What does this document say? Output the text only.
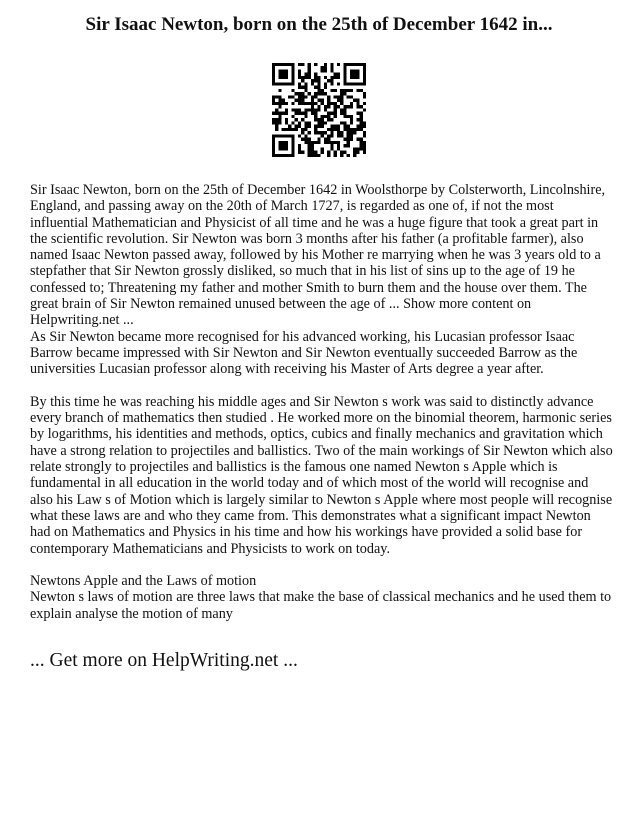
Sir Isaac Newton, born on the 25th of December 1642 in...

Sir Isaac Newton, born on the 25th of December 1642 in Woolsthorpe by Colsterworth, Lincolnshire, England, and passing away on the 20th of March 1727, is regarded as one of, if not the most influential Mathematician and Physicist of all time and he was a huge figure that took a great part in the scientific revolution. Sir Newton was born 3 months after his father (a profitable farmer), also named Isaac Newton passed away, followed by his Mother re marrying when he was 3 years old to a stepfather that Sir Newton grossly disliked, so much that in his list of sins up to the age of 19 he confessed to; Threatening my father and mother Smith to burn them and the house over them. The great brain of Sir Newton remained unused between the age of ... Show more content on Helpwriting.net ...

As Sir Newton became more recognised for his advanced working, his Lucasian professor Isaac Barrow became impressed with Sir Newton and Sir Newton eventually succeeded Barrow as the universities Lucasian professor along with receiving his Master of Arts degree a year after.

By this time he was reaching his middle ages and Sir Newton s work was said to distinctly advance every branch of mathematics then studied . He worked more on the binomial theorem, harmonic series by logarithms, his identities and methods, optics, cubics and finally mechanics and gravitation which have a strong relation to projectiles and ballistics. Two of the main workings of Sir Newton which also relate strongly to projectiles and ballistics is the famous one named Newton s Apple which is fundamental in all education in the world today and of which most of the world will recognise and also his Law s of Motion which is largely similar to Newton s Apple where most people will recognise what these laws are and who they came from. This demonstrates what a significant impact Newton had on Mathematics and Physics in his time and how his workings have provided a solid base for contemporary Mathematicians and Physicists to work on today.

Newtons Apple and the Laws of motion

Newton s laws of motion are three laws that make the base of classical mechanics and he used them to explain analyse the motion of many

... Get more on HelpWriting.net ...
